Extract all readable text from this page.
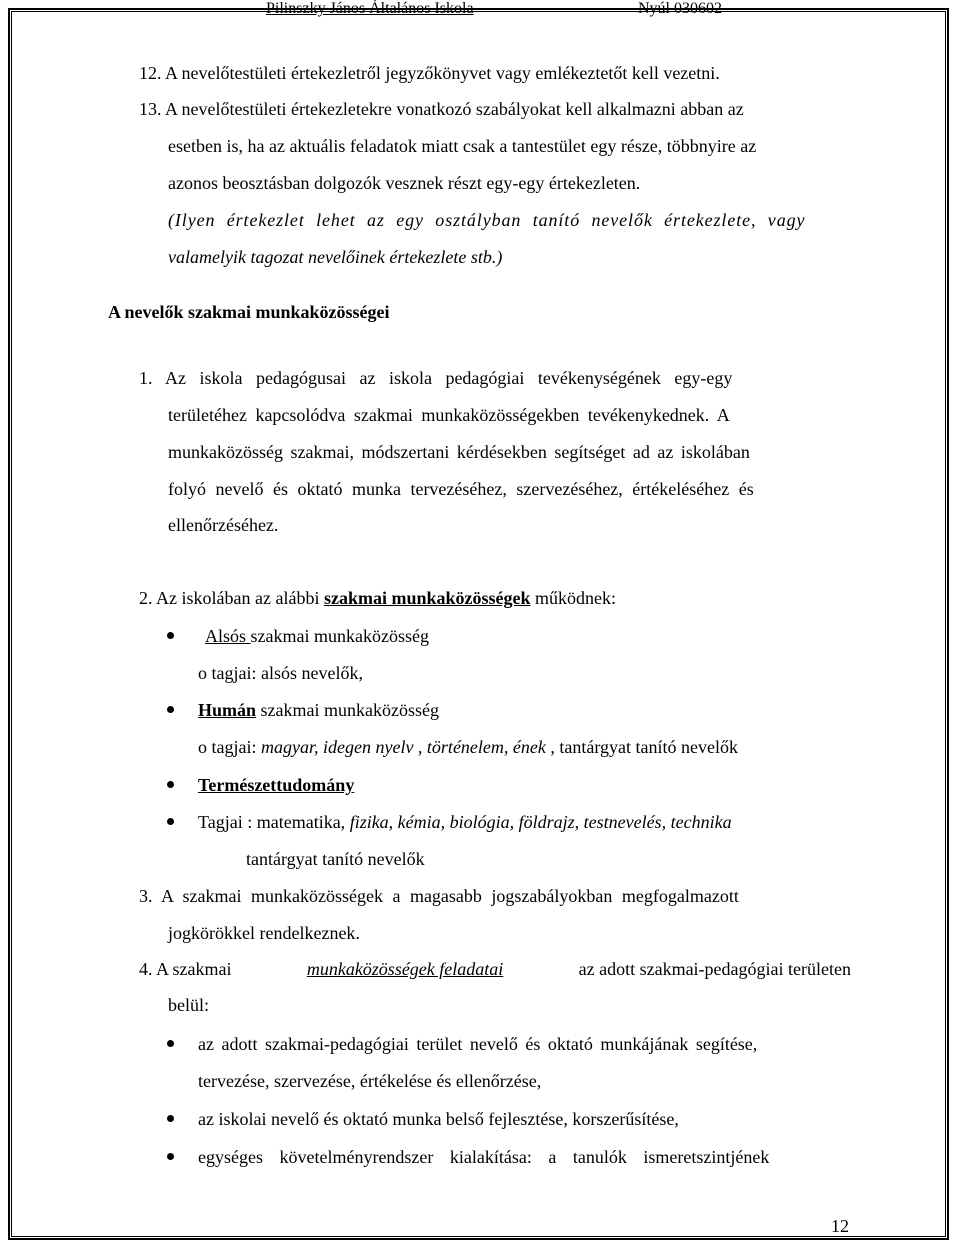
Pilinszky János Általános Iskola	Nyúl 030602
12. A nevelőtestületi értekezletről jegyzőkönyvet vagy emlékeztetőt kell vezetni.
13. A nevelőtestületi értekezletekre vonatkozó szabályokat kell alkalmazni abban az
esetben is, ha az aktuális feladatok miatt csak a tantestület egy része, többnyire az
azonos beosztásban dolgozók vesznek részt egy-egy értekezleten.
(Ilyen értekezlet lehet az egy osztályban tanító nevelők értekezlete, vagy
valamelyik tagozat nevelőinek értekezlete stb.)
A nevelők szakmai munkaközösségei
1. Az iskola pedagógusai az iskola pedagógiai tevékenységének egy-egy
területéhez kapcsolódva szakmai munkaközösségekben tevékenykednek. A
munkaközösség szakmai, módszertani kérdésekben segítséget ad az iskolában
folyó nevelő és oktató munka tervezéséhez, szervezéséhez, értékeléséhez és
ellenőrzéséhez.
2. Az iskolában az alábbi szakmai munkaközösségek működnek:
Alsós szakmai munkaközösség
o tagjai: alsós nevelők,
Humán szakmai munkaközösség
o tagjai: magyar, idegen nyelv , történelem, ének , tantárgyat tanító nevelők
Természettudomány
Tagjai : matematika, fizika, kémia, biológia, földrajz, testnevelés, technika
tantárgyat tanító nevelők
3. A szakmai munkaközösségek a magasabb jogszabályokban megfogalmazott
jogkörökkel rendelkeznek.
4. A szakmai	munkaközösségek feladatai	az adott szakmai-pedagógiai területen
belül:
az adott szakmai-pedagógiai terület nevelő és oktató munkájának segítése,
tervezése, szervezése, értékelése és ellenőrzése,
az iskolai nevelő és oktató munka belső fejlesztése, korszerűsítése,
egységes követelményrendszer kialakítása: a tanulók ismeretszintjének
12
